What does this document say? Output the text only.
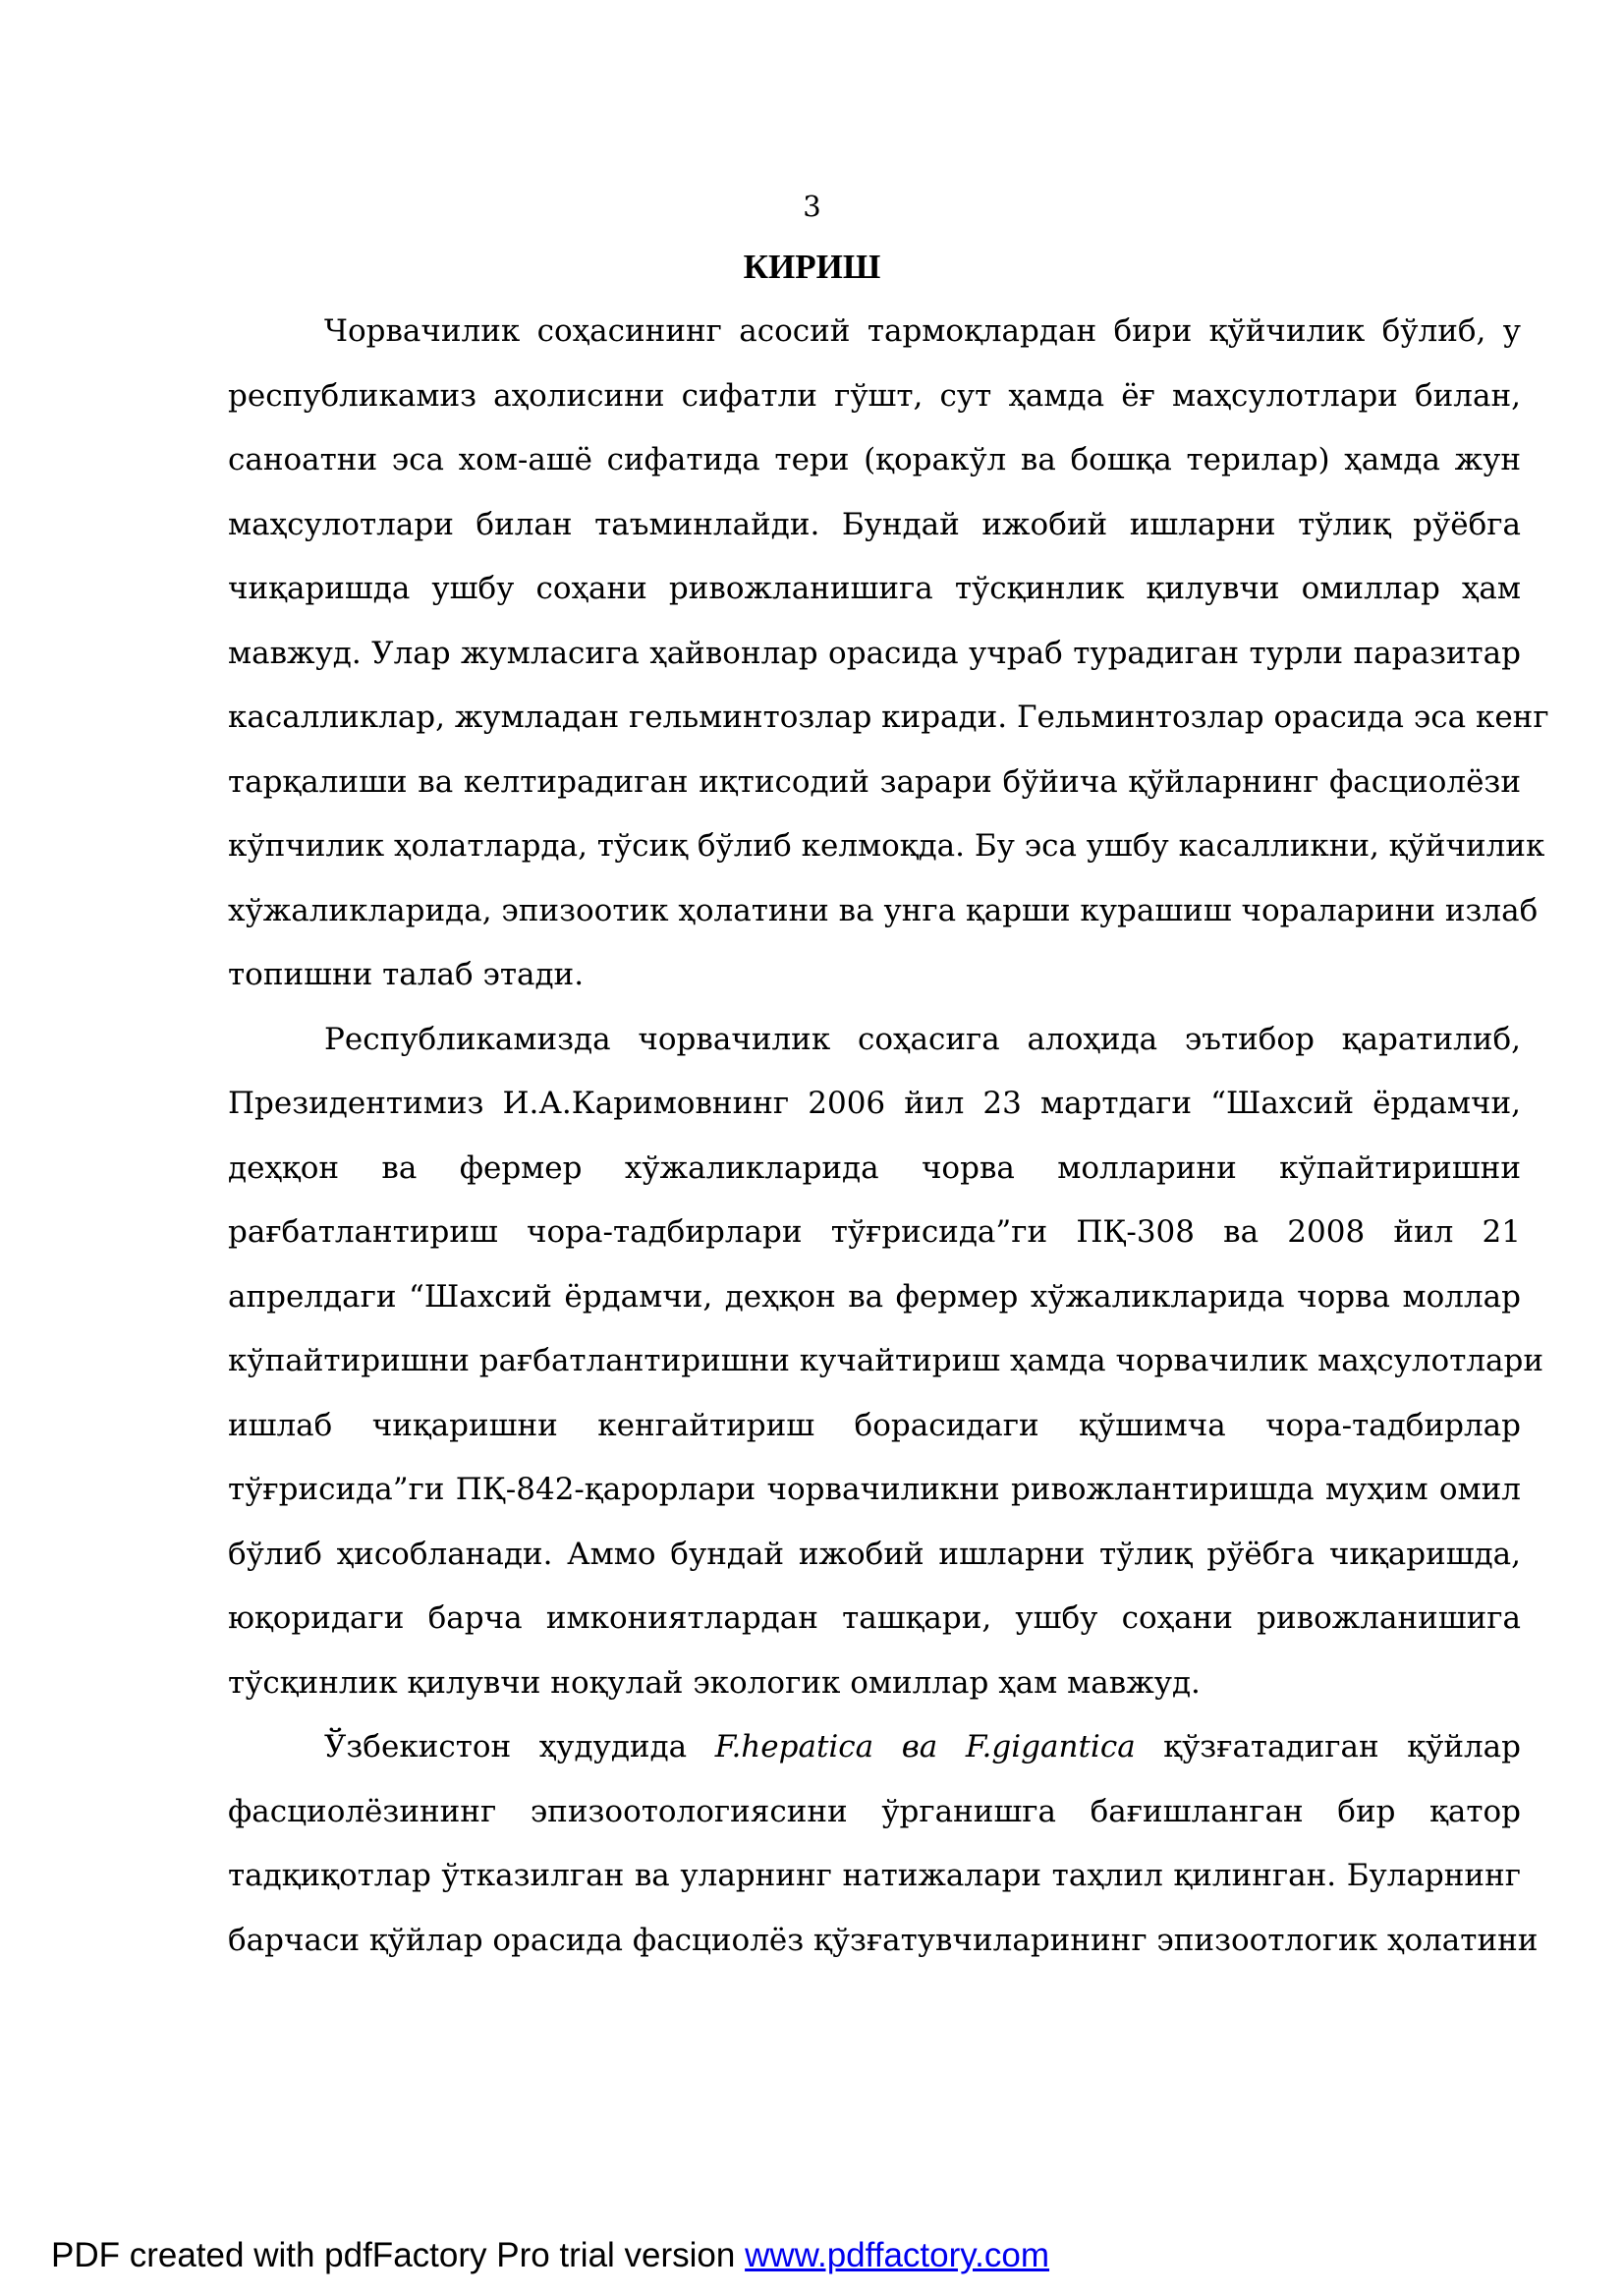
3
КИРИШ
Чорвачилик соҳасининг асосий тармоқлардан бири қўйчилик бўлиб, у
республикамиз аҳолисини сифатли гўшт, сут ҳамда ёғ маҳсулотлари билан,
саноатни эса хом-ашё сифатида тери (қоракўл ва бошқа терилар) ҳамда жун
маҳсулотлари билан таъминлайди. Бундай ижобий ишларни тўлиқ рўёбга
чиқаришда ушбу соҳани ривожланишига тўсқинлик қилувчи омиллар ҳам
мавжуд. Улар жумласига ҳайвонлар орасида учраб турадиган турли паразитар
касалликлар, жумладан гельминтозлар киради. Гельминтозлар орасида эса кенг
тарқалиши ва келтирадиган иқтисодий зарари бўйича қўйларнинг фасциолёзи
кўпчилик ҳолатларда, тўсиқ бўлиб келмоқда. Бу эса ушбу касалликни, қўйчилик
хўжаликларида, эпизоотик ҳолатини ва унга қарши курашиш чораларини излаб
топишни талаб этади.
Республикамизда чорвачилик соҳасига алоҳида эътибор қаратилиб,
Президентимиз И.А.Каримовнинг 2006 йил 23 мартдаги “Шахсий ёрдамчи,
деҳқон ва фермер хўжаликларида чорва молларини кўпайтиришни
рағбатлантириш чора-тадбирлари тўғрисида”ги ПҚ-308 ва 2008 йил 21
апрелдаги “Шахсий ёрдамчи, деҳқон ва фермер хўжаликларида чорва моллар
кўпайтиришни рағбатлантиришни кучайтириш ҳамда чорвачилик маҳсулотлари
ишлаб чиқаришни кенгайтириш борасидаги қўшимча чора-тадбирлар
тўғрисида”ги ПҚ-842-қарорлари чорвачиликни ривожлантиришда муҳим омил
бўлиб ҳисобланади. Аммо бундай ижобий ишларни тўлиқ рўёбга чиқаришда,
юқоридаги барча имкониятлардан ташқари, ушбу соҳани ривожланишига
тўсқинлик қилувчи ноқулай экологик омиллар ҳам мавжуд.
Ўзбекистон ҳудудида F.hepatica ва F.gigantica қўзғатадиган қўйлар
фасциолёзининг эпизоотологиясини ўрганишга бағишланган бир қатор
тадқиқотлар ўтказилган ва уларнинг натижалари таҳлил қилинган. Буларнинг
барчаси қўйлар орасида фасциолёз қўзғатувчиларининг эпизоотлогик ҳолатини
PDF created with pdfFactory Pro trial version www.pdffactory.com
